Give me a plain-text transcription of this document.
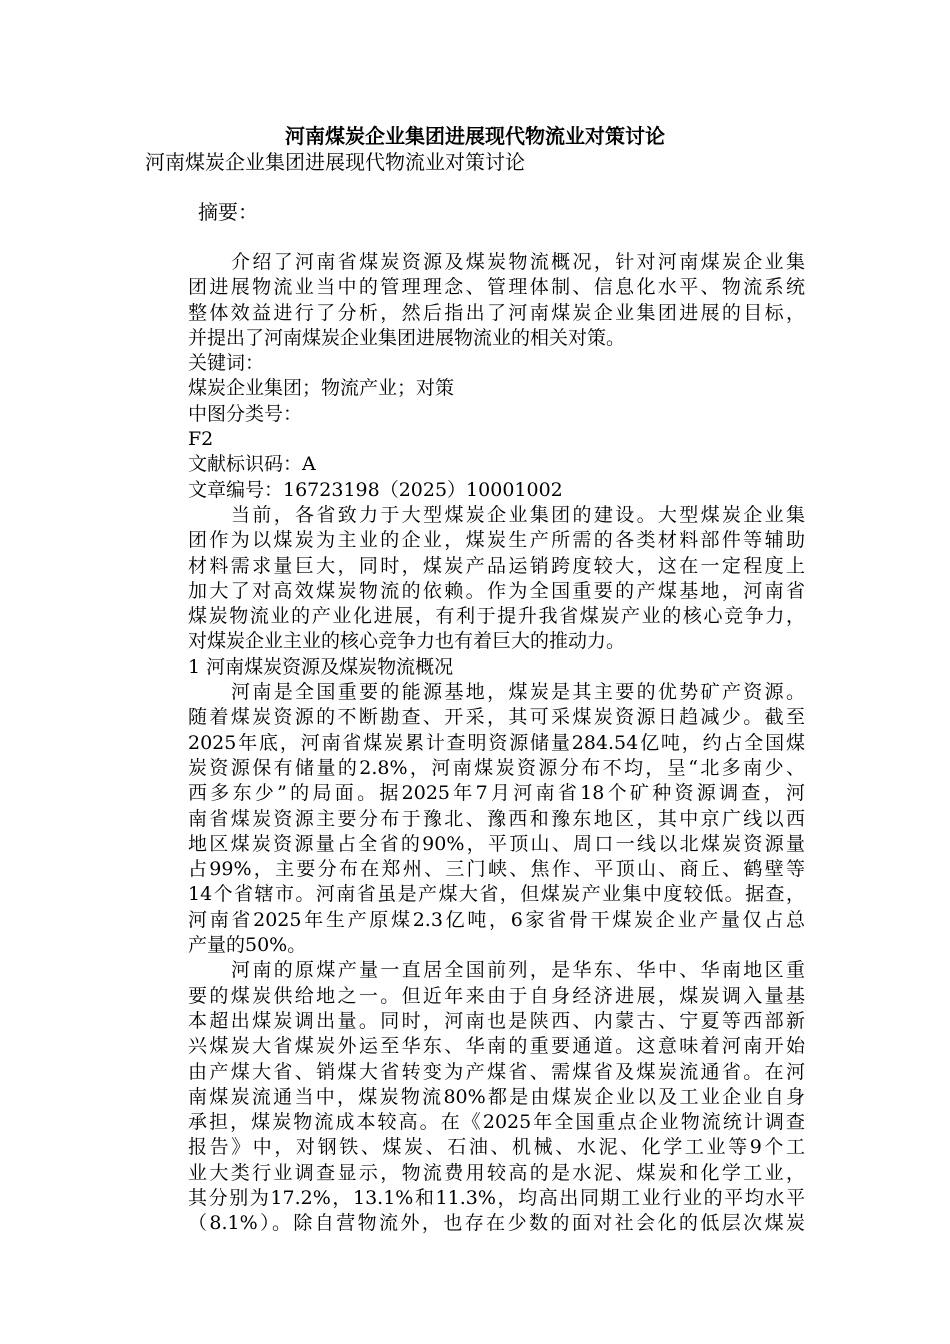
河南煤炭企业集团进展现代物流业对策讨论
河南煤炭企业集团进展现代物流业对策讨论
摘要：
介绍了河南省煤炭资源及煤炭物流概况，针对河南煤炭企业集
团进展物流业当中的管理理念、管理体制、信息化水平、物流系统
整体效益进行了分析，然后指出了河南煤炭企业集团进展的目标，
并提出了河南煤炭企业集团进展物流业的相关对策。
关键词：
煤炭企业集团；物流产业；对策
中图分类号：
F2
文献标识码：A
文章编号：16723198（2025）10001002
当前，各省致力于大型煤炭企业集团的建设。大型煤炭企业集
团作为以煤炭为主业的企业，煤炭生产所需的各类材料部件等辅助
材料需求量巨大，同时，煤炭产品运销跨度较大，这在一定程度上
加大了对高效煤炭物流的依赖。作为全国重要的产煤基地，河南省
煤炭物流业的产业化进展，有利于提升我省煤炭产业的核心竞争力，
对煤炭企业主业的核心竞争力也有着巨大的推动力。
1 河南煤炭资源及煤炭物流概况
河南是全国重要的能源基地，煤炭是其主要的优势矿产资源。
随着煤炭资源的不断勘查、开采，其可采煤炭资源日趋减少。截至
2025年底，河南省煤炭累计查明资源储量284.54亿吨，约占全国煤
炭资源保有储量的2.8%，河南煤炭资源分布不均，呈“北多南少、
西多东少”的局面。据2025年7月河南省18个矿种资源调查，河
南省煤炭资源主要分布于豫北、豫西和豫东地区，其中京广线以西
地区煤炭资源量占全省的90%，平顶山、周口一线以北煤炭资源量
占99%，主要分布在郑州、三门峡、焦作、平顶山、商丘、鹤壁等
14个省辖市。河南省虽是产煤大省，但煤炭产业集中度较低。据查，
河南省2025年生产原煤2.3亿吨，6家省骨干煤炭企业产量仅占总
产量的50%。
河南的原煤产量一直居全国前列，是华东、华中、华南地区重
要的煤炭供给地之一。但近年来由于自身经济进展，煤炭调入量基
本超出煤炭调出量。同时，河南也是陕西、内蒙古、宁夏等西部新
兴煤炭大省煤炭外运至华东、华南的重要通道。这意味着河南开始
由产煤大省、销煤大省转变为产煤省、需煤省及煤炭流通省。在河
南煤炭流通当中，煤炭物流80%都是由煤炭企业以及工业企业自身
承担，煤炭物流成本较高。在《2025年全国重点企业物流统计调查
报告》中，对钢铁、煤炭、石油、机械、水泥、化学工业等9个工
业大类行业调查显示，物流费用较高的是水泥、煤炭和化学工业，
其分别为17.2%，13.1%和11.3%，均高出同期工业行业的平均水平
（8.1%）。除自营物流外，也存在少数的面对社会化的低层次煤炭
